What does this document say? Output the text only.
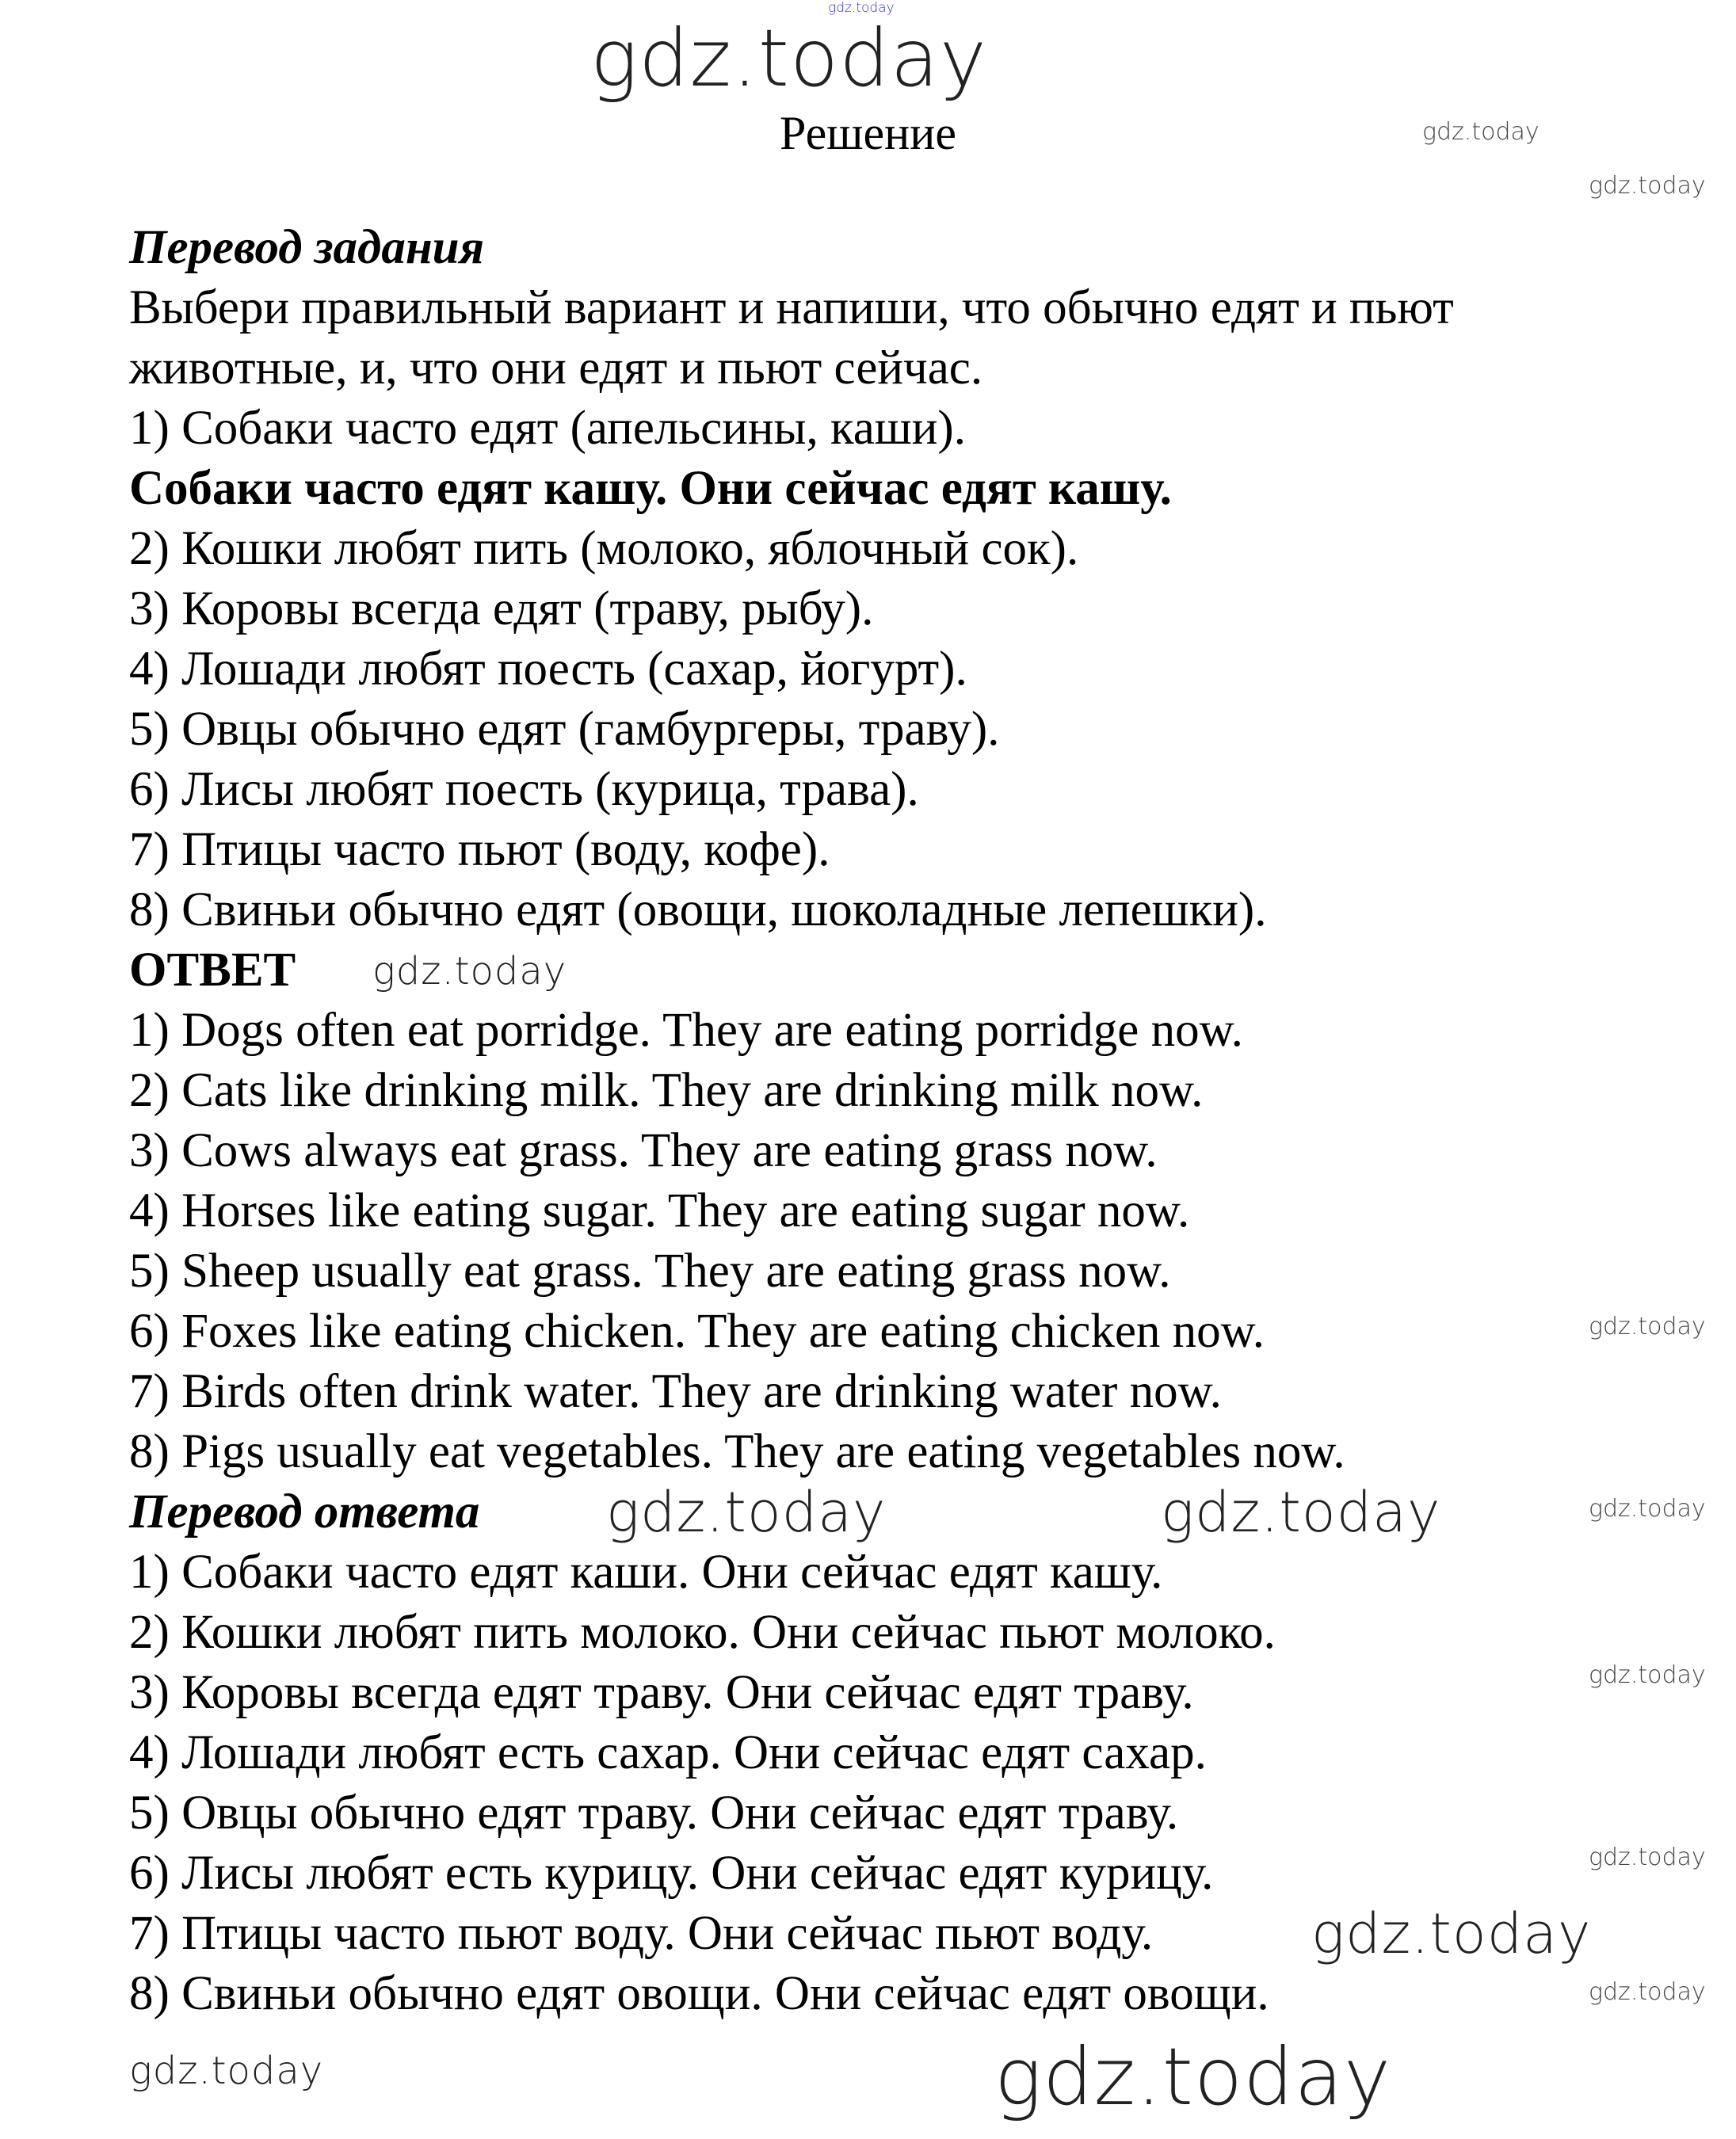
Решение
Перевод задания
Выбери правильный вариант и напиши, что обычно едят и пьют
животные, и, что они едят и пьют сейчас.
1) Собаки часто едят (апельсины, каши).
Собаки часто едят кашу. Они сейчас едят кашу.
2) Кошки любят пить (молоко, яблочный сок).
3) Коровы всегда едят (траву, рыбу).
4) Лошади любят поесть (сахар, йогурт).
5) Овцы обычно едят (гамбургеры, траву).
6) Лисы любят поесть (курица, трава).
7) Птицы часто пьют (воду, кофе).
8) Свиньи обычно едят (овощи, шоколадные лепешки).
ОТВЕТ
1) Dogs often eat porridge. They are eating porridge now.
2) Cats like drinking milk. They are drinking milk now.
3) Cows always eat grass. They are eating grass now.
4) Horses like eating sugar. They are eating sugar now.
5) Sheep usually eat grass. They are eating grass now.
6) Foxes like eating chicken. They are eating chicken now.
7) Birds often drink water. They are drinking water now.
8) Pigs usually eat vegetables. They are eating vegetables now.
Перевод ответа
1) Собаки часто едят каши. Они сейчас едят кашу.
2) Кошки любят пить молоко. Они сейчас пьют молоко.
3) Коровы всегда едят траву. Они сейчас едят траву.
4) Лошади любят есть сахар. Они сейчас едят сахар.
5) Овцы обычно едят траву. Они сейчас едят траву.
6) Лисы любят есть курицу. Они сейчас едят курицу.
7) Птицы часто пьют воду. Они сейчас пьют воду.
8) Свиньи обычно едят овощи. Они сейчас едят овощи.
gdz.today
gdz.today
gdz.today
gdz.today
gdz.today
gdz.today
gdz.today	gdz.today	gdz.today
gdz.today
gdz.today
gdz.today
gdz.today
gdz.today	gdz.today
